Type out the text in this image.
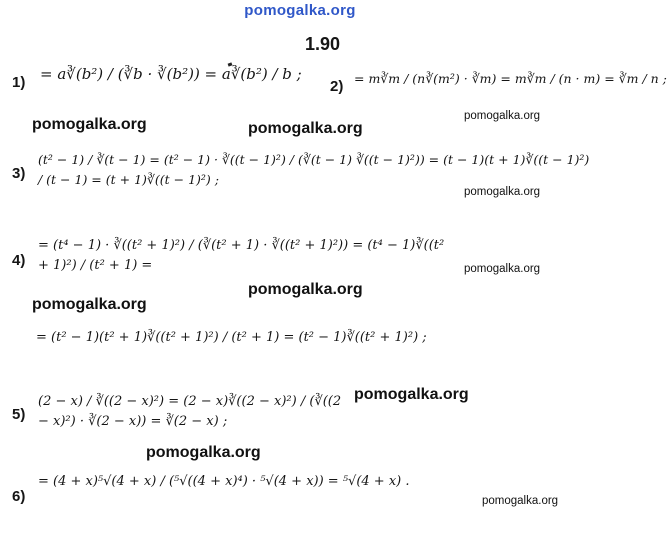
pomogalka.org
1.90
pomogalka.org	pomogalka.org
pomogalka.org
pomogalka.org
pomogalka.org
pomogalka.org
pomogalka.org
pomogalka.org
pomogalka.org
pomogalka.org
1) = a∛(b²) / (∛b · ∛(b²)) = a∛(b²) / b ;
2) = m∛m / (n∛(m²) · ∛m) = m∛m / (n · m) = ∛m / n ;
3)
(t² − 1) / ∛(t − 1) = (t² − 1) · ∛((t − 1)²) / (∛(t − 1) ∛((t − 1)²)) = (t − 1)(t + 1)∛((t − 1)²) / (t − 1) = (t + 1)∛((t − 1)²) ;
4)
= (t⁴ − 1) · ∛((t² + 1)²) / (∛(t² + 1) · ∛((t² + 1)²)) = (t⁴ − 1)∛((t² + 1)²) / (t² + 1) =
= (t² − 1)(t² + 1)∛((t² + 1)²) / (t² + 1) = (t² − 1)∛((t² + 1)²) ;
5)
(2 − x) / ∛((2 − x)²) = (2 − x)∛((2 − x)²) / (∛((2 − x)²) · ∛(2 − x)) = ∛(2 − x) ;
6)
= (4 + x)⁵√(4 + x) / (⁵√((4 + x)⁴) · ⁵√(4 + x)) = ⁵√(4 + x) .
